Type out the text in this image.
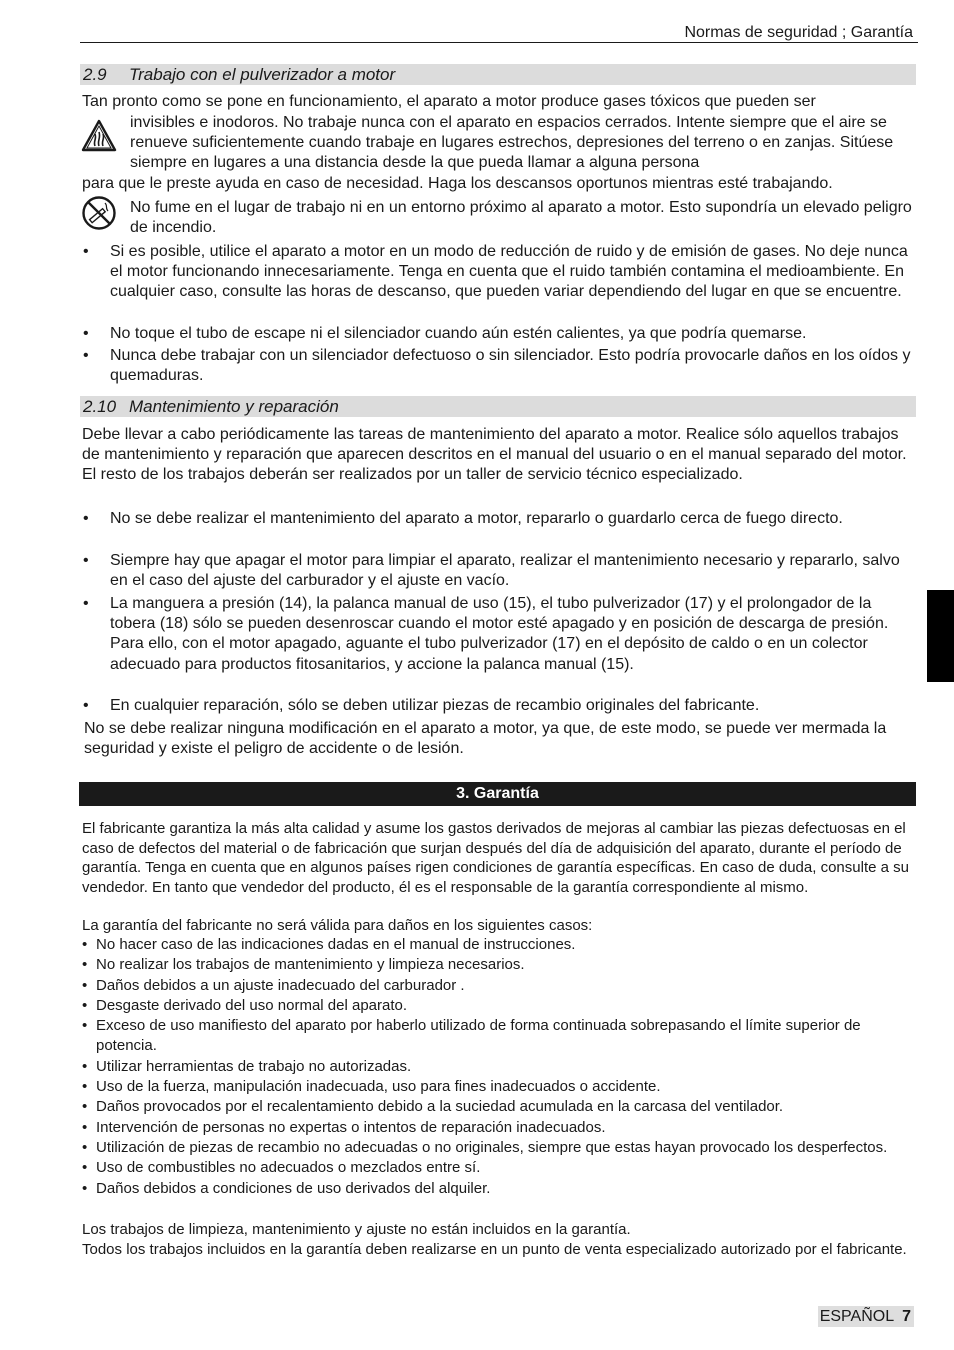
Normas de seguridad ; Garantía
2.9 Trabajo con el pulverizador a motor

Tan pronto como se pone en funcionamiento, el aparato a motor produce gases tóxicos que pueden ser

invisibles e inodoros. No trabaje nunca con el aparato en espacios cerrados. Intente siempre que el aire se renueve suficientemente cuando trabaje en lugares estrechos, depresiones del terreno o en zanjas. Sitúese siempre en lugares a una distancia desde la que pueda llamar a alguna persona

para que le preste ayuda en caso de necesidad. Haga los descansos oportunos mientras esté trabajando.

No fume en el lugar de trabajo ni en un entorno próximo al aparato a motor. Esto supondría un elevado peligro de incendio.

• Si es posible, utilice el aparato a motor en un modo de reducción de ruido y de emisión de gases. No deje nunca el motor funcionando innecesariamente. Tenga en cuenta que el ruido también contamina el medioambiente. En cualquier caso, consulte las horas de descanso, que pueden variar dependiendo del lugar en que se encuentre.

• No toque el tubo de escape ni el silenciador cuando aún estén calientes, ya que podría quemarse.

• Nunca debe trabajar con un silenciador defectuoso o sin silenciador. Esto podría provocarle daños en los oídos y quemaduras.

2.10 Mantenimiento y reparación

Debe llevar a cabo periódicamente las tareas de mantenimiento del aparato a motor. Realice sólo aquellos trabajos de mantenimiento y reparación que aparecen descritos en el manual del usuario o en el manual separado del motor. El resto de los trabajos deberán ser realizados por un taller de servicio técnico especializado.

• No se debe realizar el mantenimiento del aparato a motor, repararlo o guardarlo cerca de fuego directo.

• Siempre hay que apagar el motor para limpiar el aparato, realizar el mantenimiento necesario y repararlo, salvo en el caso del ajuste del carburador y el ajuste en vacío.

• La manguera a presión (14), la palanca manual de uso (15), el tubo pulverizador (17) y el prolongador de la tobera (18) sólo se pueden desenroscar cuando el motor esté apagado y en posición de descarga de presión. Para ello, con el motor apagado, aguante el tubo pulverizador (17) en el depósito de caldo o en un colector adecuado para productos fitosanitarios, y accione la palanca manual (15).

• En cualquier reparación, sólo se deben utilizar piezas de recambio originales del fabricante.

No se debe realizar ninguna modificación en el aparato a motor, ya que, de este modo, se puede ver mermada la seguridad y existe el peligro de accidente o de lesión.

3. Garantía

El fabricante garantiza la más alta calidad y asume los gastos derivados de mejoras al cambiar las piezas defectuosas en el caso de defectos del material o de fabricación que surjan después del día de adquisición del aparato, durante el período de garantía. Tenga en cuenta que en algunos países rigen condiciones de garantía específicas. En caso de duda, consulte a su vendedor. En tanto que vendedor del producto, él es el responsable de la garantía correspondiente al mismo.

La garantía del fabricante no será válida para daños en los siguientes casos:

• No hacer caso de las indicaciones dadas en el manual de instrucciones.
• No realizar los trabajos de mantenimiento y limpieza necesarios.
• Daños debidos a un ajuste inadecuado del carburador .
• Desgaste derivado del uso normal del aparato.
• Exceso de uso manifiesto del aparato por haberlo utilizado de forma continuada sobrepasando el límite superior de potencia.
• Utilizar herramientas de trabajo no autorizadas.
• Uso de la fuerza, manipulación inadecuada, uso para fines inadecuados o accidente.
• Daños provocados por el recalentamiento debido a la suciedad acumulada en la carcasa del ventilador.
• Intervención de personas no expertas o intentos de reparación inadecuados.
• Utilización de piezas de recambio no adecuadas o no originales, siempre que estas hayan provocado los desperfectos.
• Uso de combustibles no adecuados o mezclados entre sí.
• Daños debidos a condiciones de uso derivados del alquiler.

Los trabajos de limpieza, mantenimiento y ajuste no están incluidos en la garantía.

Todos los trabajos incluidos en la garantía deben realizarse en un punto de venta especializado autorizado por el fabricante.

ESPAÑOL 7
